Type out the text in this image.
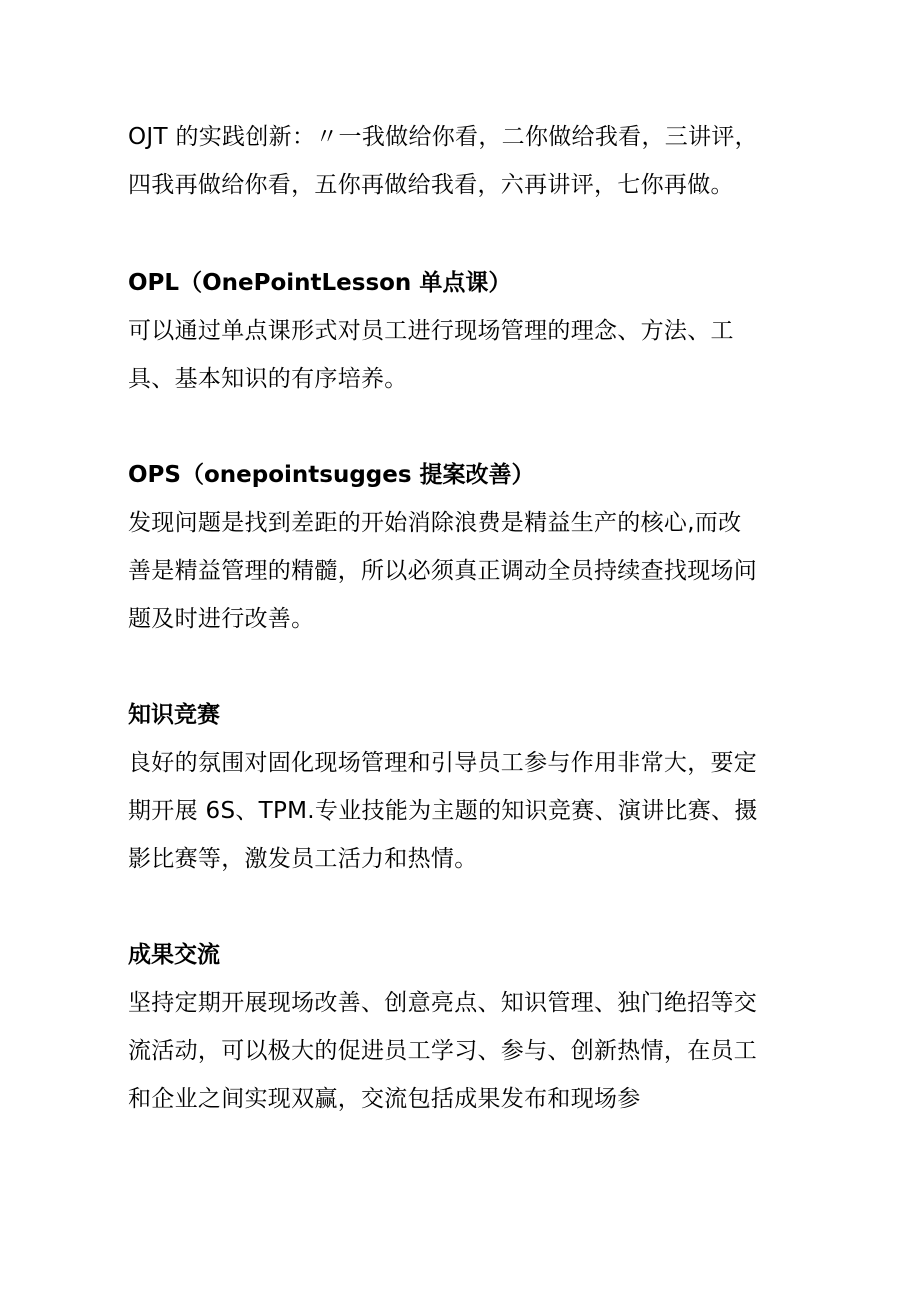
OJT 的实践创新：〃一我做给你看，二你做给我看，三讲评，
四我再做给你看，五你再做给我看，六再讲评，七你再做。

OPL（OnePointLesson 单点课）

可以通过单点课形式对员工进行现场管理的理念、方法、工
具、基本知识的有序培养。

OPS（onepointsugges 提案改善）

发现问题是找到差距的开始消除浪费是精益生产的核心,而改
善是精益管理的精髓，所以必须真正调动全员持续查找现场问
题及时进行改善。

知识竞赛

良好的氛围对固化现场管理和引导员工参与作用非常大，要定
期开展 6S、TPM.专业技能为主题的知识竞赛、演讲比赛、摄
影比赛等，激发员工活力和热情。

成果交流

坚持定期开展现场改善、创意亮点、知识管理、独门绝招等交
流活动，可以极大的促进员工学习、参与、创新热情，在员工
和企业之间实现双赢，交流包括成果发布和现场参
